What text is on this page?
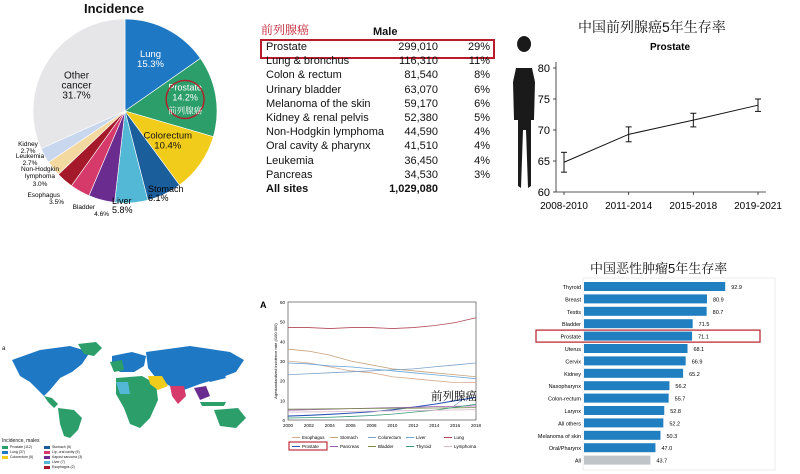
Incidence
Lung
15.3%
Prostate
14.2%
Colorectum
10.4%
Other
cancer
31.7%
前列腺癌
Stomach
6.1%
Liver
5.8%
Bladder
4.6%
Esophagus
3.5%
Non-Hodgkin
lymphoma
3.0%
Leukemia
2.7%
Kidney
2.7%
前列腺癌	Male
Prostate	299,010	29%
Lung & bronchus	116,310	11%
Colon & rectum	81,540	8%
Urinary bladder	63,070	6%
Melanoma of the skin	59,170	6%
Kidney & renal pelvis	52,380	5%
Non-Hodgkin lymphoma 44,590	4%
Oral cavity & pharynx	41,510	4%
Leukemia	36,450	4%
Pancreas	34,530	3%
All sites	1,029,080
中国前列腺癌5年生存率
Prostate
60
65
70
75
80
2008-2010 2011-2014 2015-2018 2019-2021
a
Incidence, males
Prostate (112)
Lung (37)
Colorectum (5)
Stomach (6)
Lip, oral cavity (5)
Kaposi sarcoma (3)
Liver (7)
Esophagus (2)
A
Agestandardized incidence rate (/100 000)
0
10
20
30
40
50
60
2000 2002 2004 2006 2008 2010 2012 2014 2016 2018
前列腺癌
Esophagus	Stomach	Colorectum	Liver	Lung
Prostate	Pancreas	Bladder	Thyroid	Lymphoma
中国恶性肿瘤5年生存率
Thyroid	92.9
Breast	80.9
Testis	80.7
Bladder	71.5
Prostate	71.1
Uterus	68.1
Cervix	66.9
Kidney	65.2
Nasopharynx	56.2
Colon-rectum	55.7
Larynx	52.8
All others	52.2
Melanoma of skin	50.3
Oral/Pharynx	47.0
All	43.7
